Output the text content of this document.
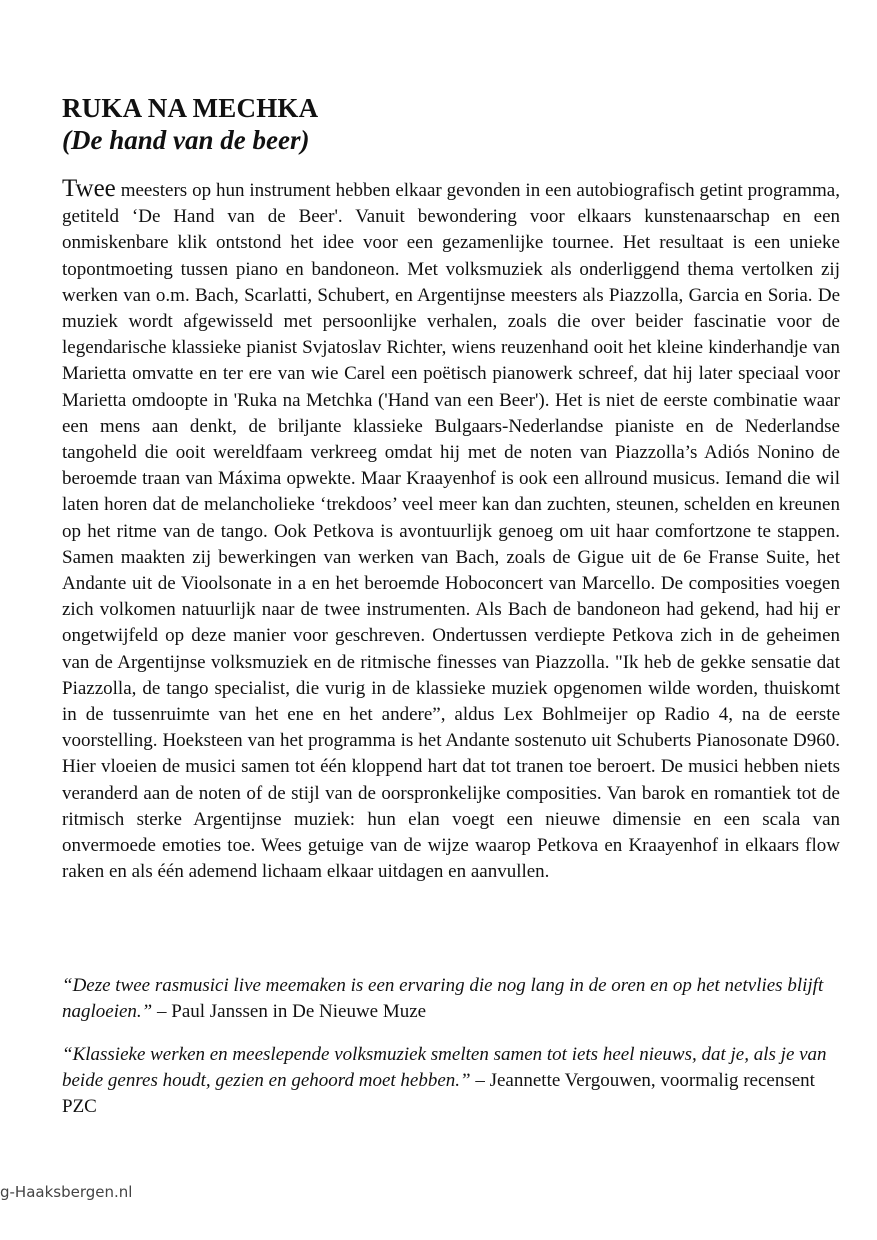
RUKA NA MECHKA
(De hand van de beer)

Twee meesters op hun instrument hebben elkaar gevonden in een autobiografisch getint programma, getiteld ‘De Hand van de Beer'. Vanuit bewondering voor elkaars kunstenaarschap en een onmiskenbare klik ontstond het idee voor een gezamenlijke tournee. Het resultaat is een unieke topontmoeting tussen piano en bandoneon. Met volksmuziek als onderliggend thema vertolken zij werken van o.m. Bach, Scarlatti, Schubert, en Argentijnse meesters als Piazzolla, Garcia en Soria. De muziek wordt afgewisseld met persoonlijke verhalen, zoals die over beider fascinatie voor de legendarische klassieke pianist Svjatoslav Richter, wiens reuzenhand ooit het kleine kinderhandje van Marietta omvatte en ter ere van wie Carel een poëtisch pianowerk schreef, dat hij later speciaal voor Marietta omdoopte in 'Ruka na Metchka ('Hand van een Beer'). Het is niet de eerste combinatie waar een mens aan denkt, de briljante klassieke Bulgaars-Nederlandse pianiste en de Nederlandse tangoheld die ooit wereldfaam verkreeg omdat hij met de noten van Piazzolla’s Adiós Nonino de beroemde traan van Máxima opwekte. Maar Kraayenhof is ook een allround musicus. Iemand die wil laten horen dat de melancholieke ‘trekdoos’ veel meer kan dan zuchten, steunen, schelden en kreunen op het ritme van de tango. Ook Petkova is avontuurlijk genoeg om uit haar comfortzone te stappen. Samen maakten zij bewerkingen van werken van Bach, zoals de Gigue uit de 6e Franse Suite, het Andante uit de Vioolsonate in a en het beroemde Hoboconcert van Marcello. De composities voegen zich volkomen natuurlijk naar de twee instrumenten. Als Bach de bandoneon had gekend, had hij er ongetwijfeld op deze manier voor geschreven. Ondertussen verdiepte Petkova zich in de geheimen van de Argentijnse volksmuziek en de ritmische finesses van Piazzolla. "Ik heb de gekke sensatie dat Piazzolla, de tango specialist, die vurig in de klassieke muziek opgenomen wilde worden, thuiskomt in de tussenruimte van het ene en het andere”, aldus Lex Bohlmeijer op Radio 4, na de eerste voorstelling. Hoeksteen van het programma is het Andante sostenuto uit Schuberts Pianosonate D960. Hier vloeien de musici samen tot één kloppend hart dat tot tranen toe beroert. De musici hebben niets veranderd aan de noten of de stijl van de oorspronkelijke composities. Van barok en romantiek tot de ritmisch sterke Argentijnse muziek: hun elan voegt een nieuwe dimensie en een scala van onvermoede emoties toe. Wees getuige van de wijze waarop Petkova en Kraayenhof in elkaars flow raken en als één ademend lichaam elkaar uitdagen en aanvullen.

“Deze twee rasmusici live meemaken is een ervaring die nog lang in de oren en op het netvlies blijft nagloeien.” – Paul Janssen in De Nieuwe Muze

“Klassieke werken en meeslepende volksmuziek smelten samen tot iets heel nieuws, dat je, als je van beide genres houdt, gezien en gehoord moet hebben.” – Jeannette Vergouwen, voormalig recensent PZC

g-Haaksbergen.nl
